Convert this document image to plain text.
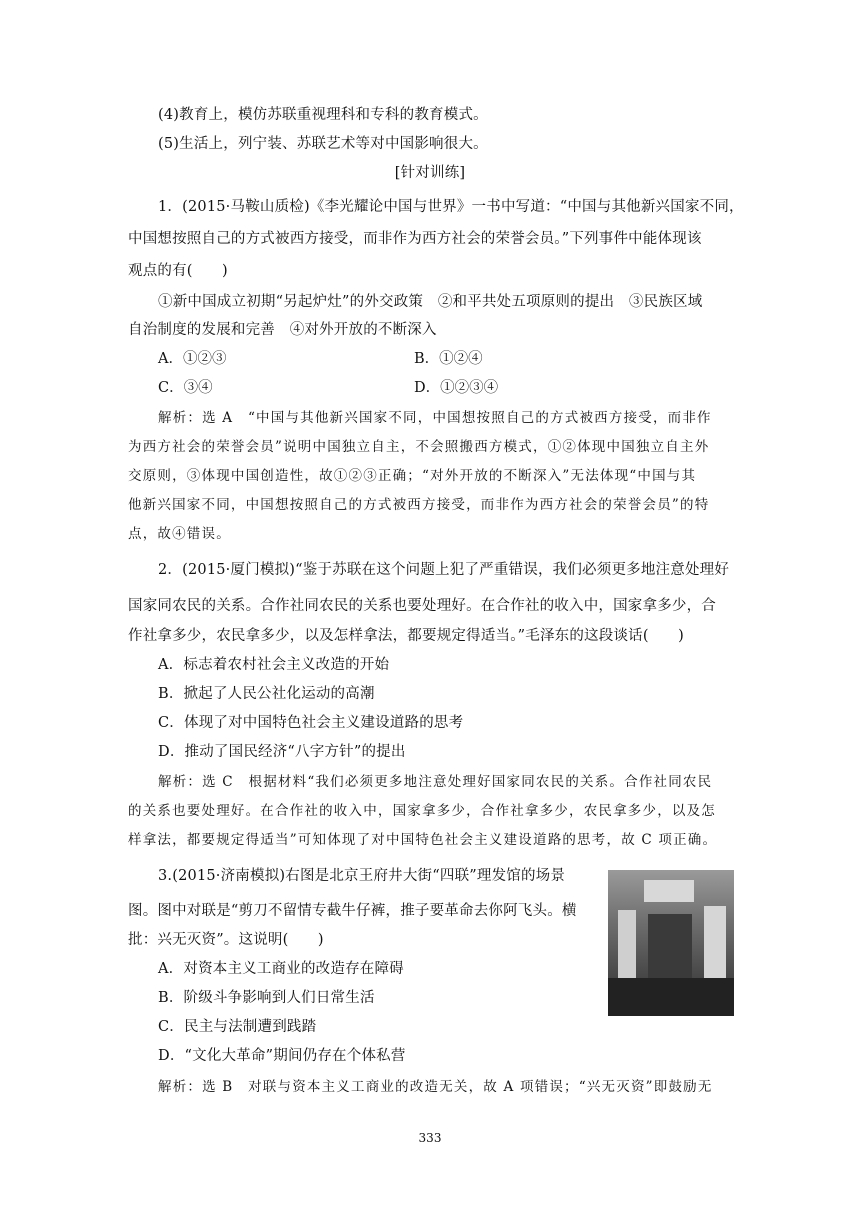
(4)教育上，模仿苏联重视理科和专科的教育模式。
(5)生活上，列宁装、苏联艺术等对中国影响很大。
[针对训练]
1．(2015·马鞍山质检)《李光耀论中国与世界》一书中写道：“中国与其他新兴国家不同，
中国想按照自己的方式被西方接受，而非作为西方社会的荣誉会员。”下列事件中能体现该
观点的有(　　)
①新中国成立初期“另起炉灶”的外交政策　②和平共处五项原则的提出　③民族区域
自治制度的发展和完善　④对外开放的不断深入
A．①②③	B．①②④
C．③④	D．①②③④
解析：选 A　“中国与其他新兴国家不同，中国想按照自己的方式被西方接受，而非作
为西方社会的荣誉会员”说明中国独立自主，不会照搬西方模式，①②体现中国独立自主外
交原则，③体现中国创造性，故①②③正确；“对外开放的不断深入”无法体现“中国与其
他新兴国家不同，中国想按照自己的方式被西方接受，而非作为西方社会的荣誉会员”的特
点，故④错误。
2．(2015·厦门模拟)“鉴于苏联在这个问题上犯了严重错误，我们必须更多地注意处理好
国家同农民的关系。合作社同农民的关系也要处理好。在合作社的收入中，国家拿多少，合
作社拿多少，农民拿多少，以及怎样拿法，都要规定得适当。”毛泽东的这段谈话(　　)
A．标志着农村社会主义改造的开始
B．掀起了人民公社化运动的高潮
C．体现了对中国特色社会主义建设道路的思考
D．推动了国民经济“八字方针”的提出
解析：选 C　根据材料“我们必须更多地注意处理好国家同农民的关系。合作社同农民
的关系也要处理好。在合作社的收入中，国家拿多少，合作社拿多少，农民拿多少，以及怎
样拿法，都要规定得适当”可知体现了对中国特色社会主义建设道路的思考，故 C 项正确。
3.(2015·济南模拟)右图是北京王府井大街“四联”理发馆的场景
图。图中对联是“剪刀不留情专截牛仔裤，推子要革命去你阿飞头。横
批：兴无灭资”。这说明(　　)
A．对资本主义工商业的改造存在障碍
B．阶级斗争影响到人们日常生活
C．民主与法制遭到践踏
D．“文化大革命”期间仍存在个体私营
解析：选 B　对联与资本主义工商业的改造无关，故 A 项错误；“兴无灭资”即鼓励无
333
